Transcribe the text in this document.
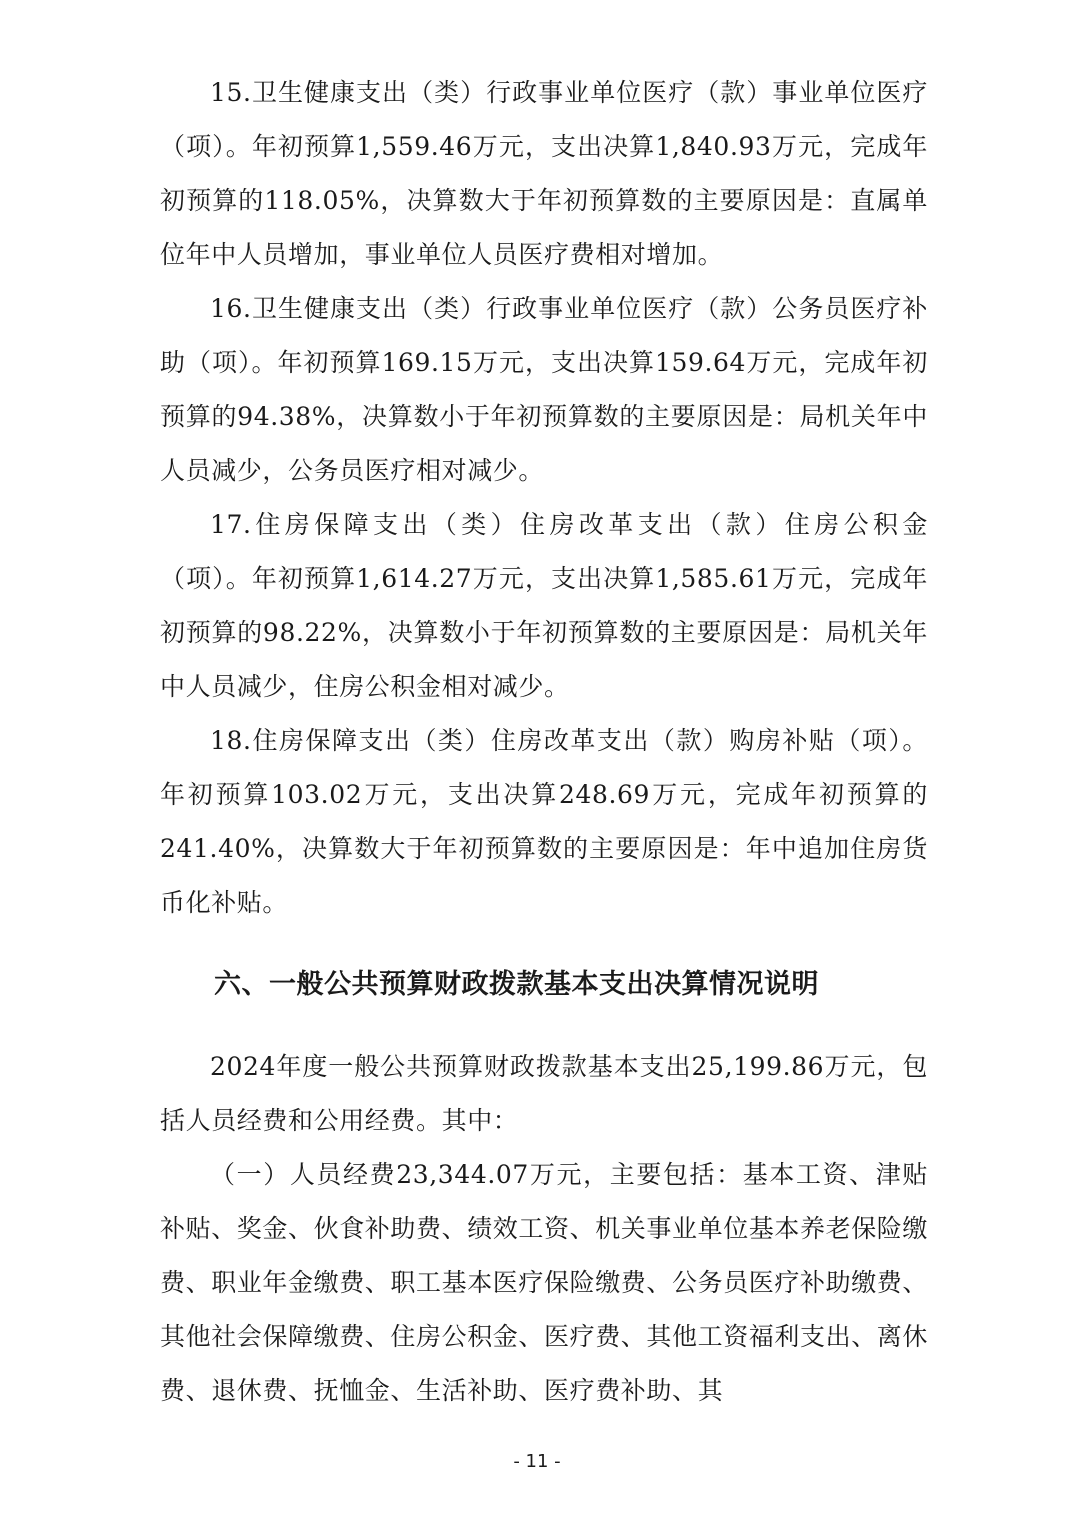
15.卫生健康支出（类）行政事业单位医疗（款）事业单位医疗（项）。年初预算1,559.46万元，支出决算1,840.93万元，完成年初预算的118.05%，决算数大于年初预算数的主要原因是：直属单位年中人员增加，事业单位人员医疗费相对增加。

16.卫生健康支出（类）行政事业单位医疗（款）公务员医疗补助（项）。年初预算169.15万元，支出决算159.64万元，完成年初预算的94.38%，决算数小于年初预算数的主要原因是：局机关年中人员减少，公务员医疗相对减少。

17.住房保障支出（类）住房改革支出（款）住房公积金（项）。年初预算1,614.27万元，支出决算1,585.61万元，完成年初预算的98.22%，决算数小于年初预算数的主要原因是：局机关年中人员减少，住房公积金相对减少。

18.住房保障支出（类）住房改革支出（款）购房补贴（项）。年初预算103.02万元，支出决算248.69万元，完成年初预算的241.40%，决算数大于年初预算数的主要原因是：年中追加住房货币化补贴。

六、一般公共预算财政拨款基本支出决算情况说明

2024年度一般公共预算财政拨款基本支出25,199.86万元，包括人员经费和公用经费。其中：

（一）人员经费23,344.07万元，主要包括：基本工资、津贴补贴、奖金、伙食补助费、绩效工资、机关事业单位基本养老保险缴费、职业年金缴费、职工基本医疗保险缴费、公务员医疗补助缴费、其他社会保障缴费、住房公积金、医疗费、其他工资福利支出、离休费、退休费、抚恤金、生活补助、医疗费补助、其

- 11 -
